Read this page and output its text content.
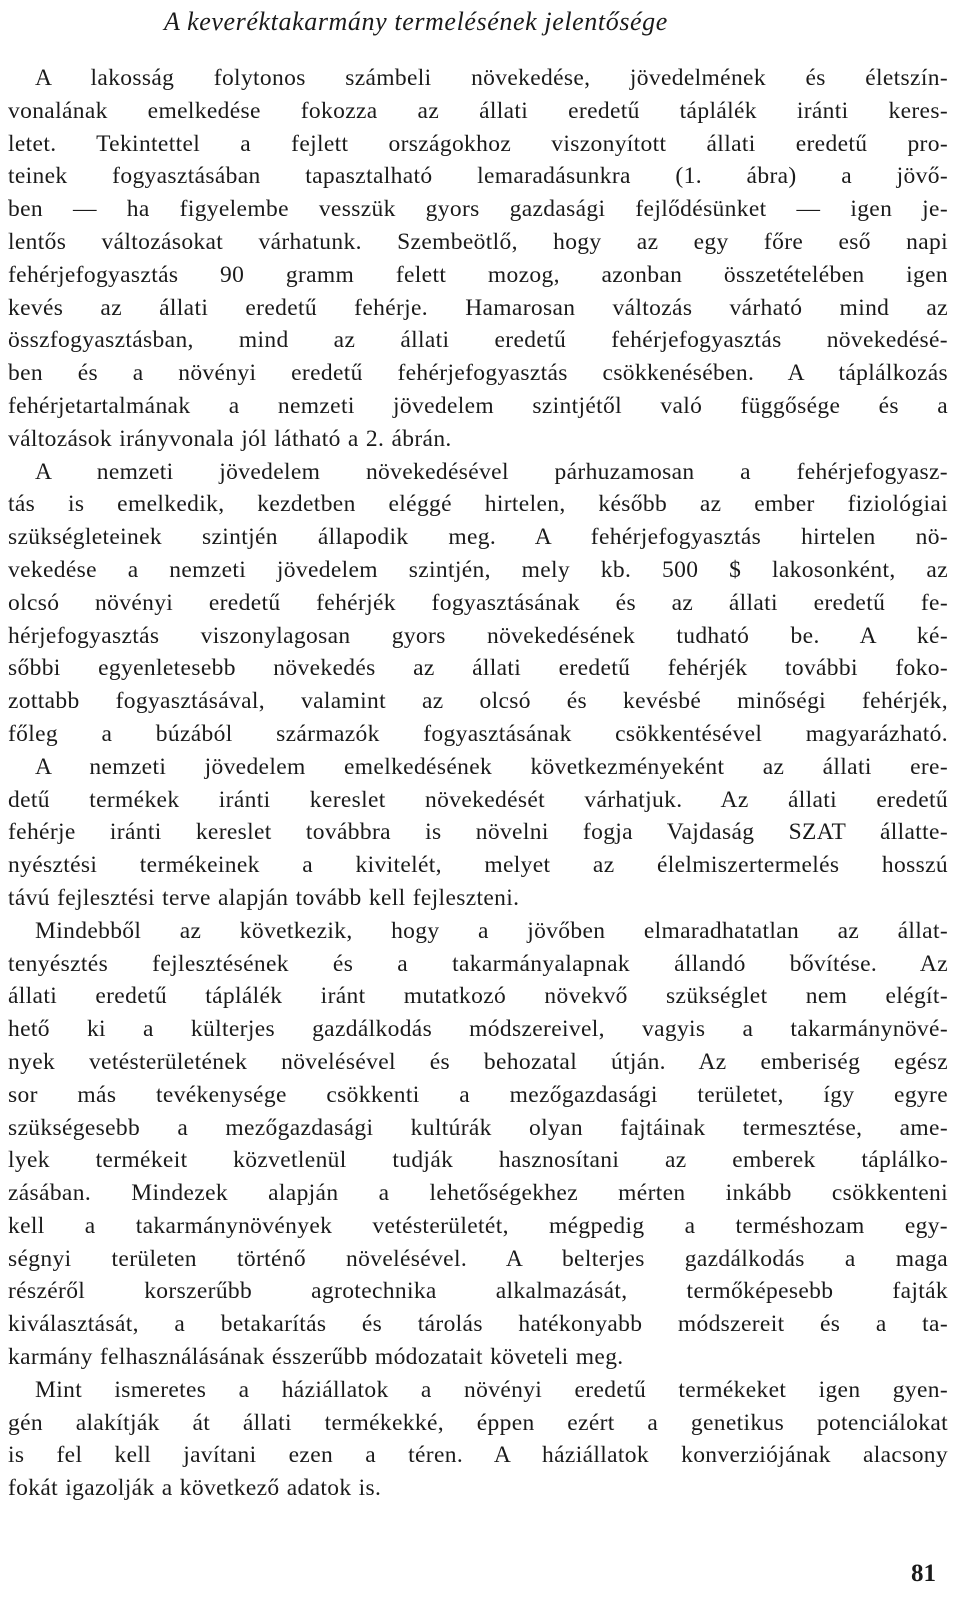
A keveréktakarmány termelésének jelentősége
A lakosság folytonos számbeli növekedése, jövedelmének és életszín-
vonalának emelkedése fokozza az állati eredetű táplálék iránti keres-
letet. Tekintettel a fejlett országokhoz viszonyított állati eredetű pro-
teinek fogyasztásában tapasztalható lemaradásunkra (1. ábra) a jövő-
ben — ha figyelembe vesszük gyors gazdasági fejlődésünket — igen je-
lentős változásokat várhatunk. Szembeötlő, hogy az egy főre eső napi
fehérjefogyasztás 90 gramm felett mozog, azonban összetételében igen
kevés az állati eredetű fehérje. Hamarosan változás várható mind az
összfogyasztásban, mind az állati eredetű fehérjefogyasztás növekedésé-
ben és a növényi eredetű fehérjefogyasztás csökkenésében. A táplálkozás
fehérjetartalmának a nemzeti jövedelem szintjétől való függősége és a
változások irányvonala jól látható a 2. ábrán.
A nemzeti jövedelem növekedésével párhuzamosan a fehérjefogyasz-
tás is emelkedik, kezdetben eléggé hirtelen, később az ember fiziológiai
szükségleteinek szintjén állapodik meg. A fehérjefogyasztás hirtelen nö-
vekedése a nemzeti jövedelem szintjén, mely kb. 500 $ lakosonként, az
olcsó növényi eredetű fehérjék fogyasztásának és az állati eredetű fe-
hérjefogyasztás viszonylagosan gyors növekedésének tudható be. A ké-
sőbbi egyenletesebb növekedés az állati eredetű fehérjék további foko-
zottabb fogyasztásával, valamint az olcsó és kevésbé minőségi fehérjék,
főleg a búzából származók fogyasztásának csökkentésével magyarázható.
A nemzeti jövedelem emelkedésének következményeként az állati ere-
detű termékek iránti kereslet növekedését várhatjuk. Az állati eredetű
fehérje iránti kereslet továbbra is növelni fogja Vajdaság SZAT állatte-
nyésztési termékeinek a kivitelét, melyet az élelmiszertermelés hosszú
távú fejlesztési terve alapján tovább kell fejleszteni.
Mindebből az következik, hogy a jövőben elmaradhatatlan az állat-
tenyésztés fejlesztésének és a takarmányalapnak állandó bővítése. Az
állati eredetű táplálék iránt mutatkozó növekvő szükséglet nem elégít-
hető ki a külterjes gazdálkodás módszereivel, vagyis a takarmánynövé-
nyek vetésterületének növelésével és behozatal útján. Az emberiség egész
sor más tevékenysége csökkenti a mezőgazdasági területet, így egyre
szükségesebb a mezőgazdasági kultúrák olyan fajtáinak termesztése, ame-
lyek termékeit közvetlenül tudják hasznosítani az emberek táplálko-
zásában. Mindezek alapján a lehetőségekhez mérten inkább csökkenteni
kell a takarmánynövények vetésterületét, mégpedig a terméshozam egy-
ségnyi területen történő növelésével. A belterjes gazdálkodás a maga
részéről korszerűbb agrotechnika alkalmazását, termőképesebb fajták
kiválasztását, a betakarítás és tárolás hatékonyabb módszereit és a ta-
karmány felhasználásának ésszerűbb módozatait követeli meg.
Mint ismeretes a háziállatok a növényi eredetű termékeket igen gyen-
gén alakítják át állati termékekké, éppen ezért a genetikus potenciálokat
is fel kell javítani ezen a téren. A háziállatok konverziójának alacsony
fokát igazolják a következő adatok is.
81
